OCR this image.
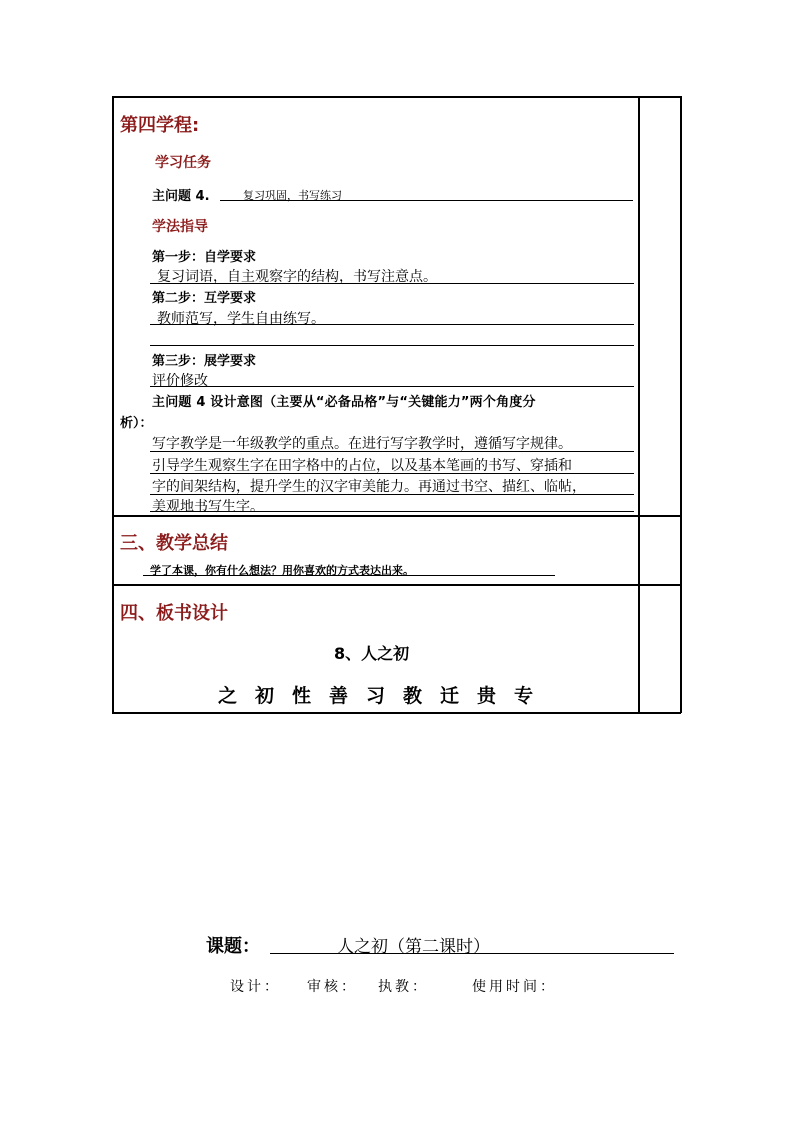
第四学程:
学习任务
主问题 4.	复习巩固，书写练习
学法指导
第一步：自学要求
复习词语，自主观察字的结构，书写注意点。
第二步：互学要求
教师范写，学生自由练写。
第三步：展学要求
评价修改
主问题 4 设计意图（主要从“必备品格”与“关键能力”两个角度分
析）：
写字教学是一年级教学的重点。在进行写字教学时，遵循写字规律。
引导学生观察生字在田字格中的占位，以及基本笔画的书写、穿插和
字的间架结构，提升学生的汉字审美能力。再通过书空、描红、临帖，
美观地书写生字。
三、教学总结
学了本课，你有什么想法？用你喜欢的方式表达出来。
四、板书设计
8、人之初
之 初 性 善 习 教 迁 贵 专
课题：	人之初（第二课时）
设计： 审核： 执教：	使用时间：
